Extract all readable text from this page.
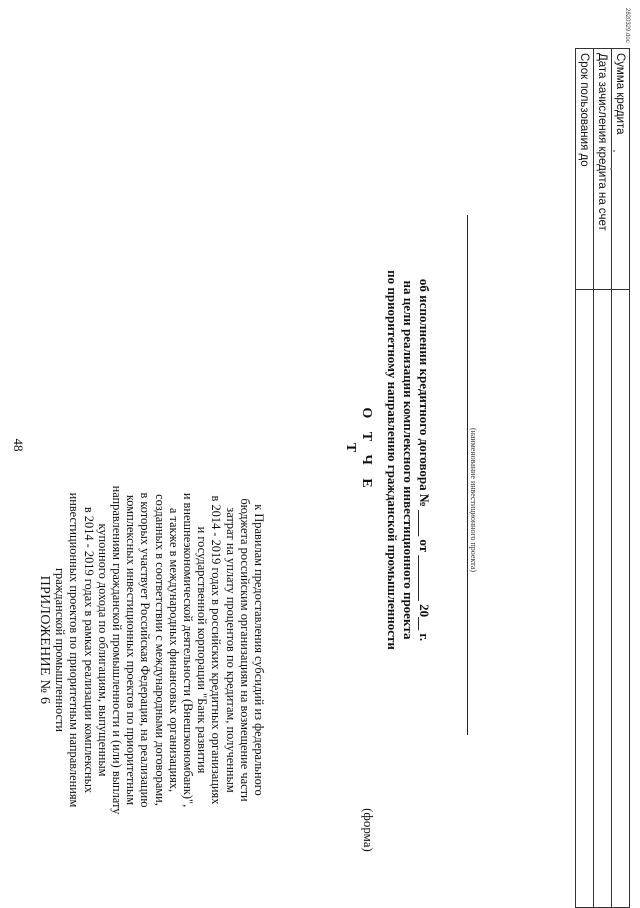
48
ПРИЛОЖЕНИЕ № 6	к Правилам предоставления субсидий из федерального
бюджета российским организациям на возмещение части
затрат на уплату процентов по кредитам, полученным
в 2014 - 2019 годах в российских кредитных организациях
и государственной корпорации "Банк развития
и внешнеэкономической деятельности (Внешэкономбанк)",
а также в международных финансовых организациях,
созданных в соответствии с международными договорами,
в которых участвует Российская Федерация, на реализацию
комплексных инвестиционных проектов по приоритетным
направлениям гражданской промышленности и (или) выплату
купонного дохода по облигациям, выпущенным
в 2014 - 2019 годах в рамках реализации комплексных
инвестиционных проектов по приоритетным направлениям
гражданской промышленности
(форма)
О Т Ч Е Т	об исполнении кредитного договора № ____ от _______ 20__ г.
на цели реализации комплексного инвестиционного проекта
по приоритетному направлению гражданской промышленности	(наименование инвестиционного проекта)
Сумма кредита	
Дата зачисления кредита на счет	
Срок пользования до	
2820329.doc
